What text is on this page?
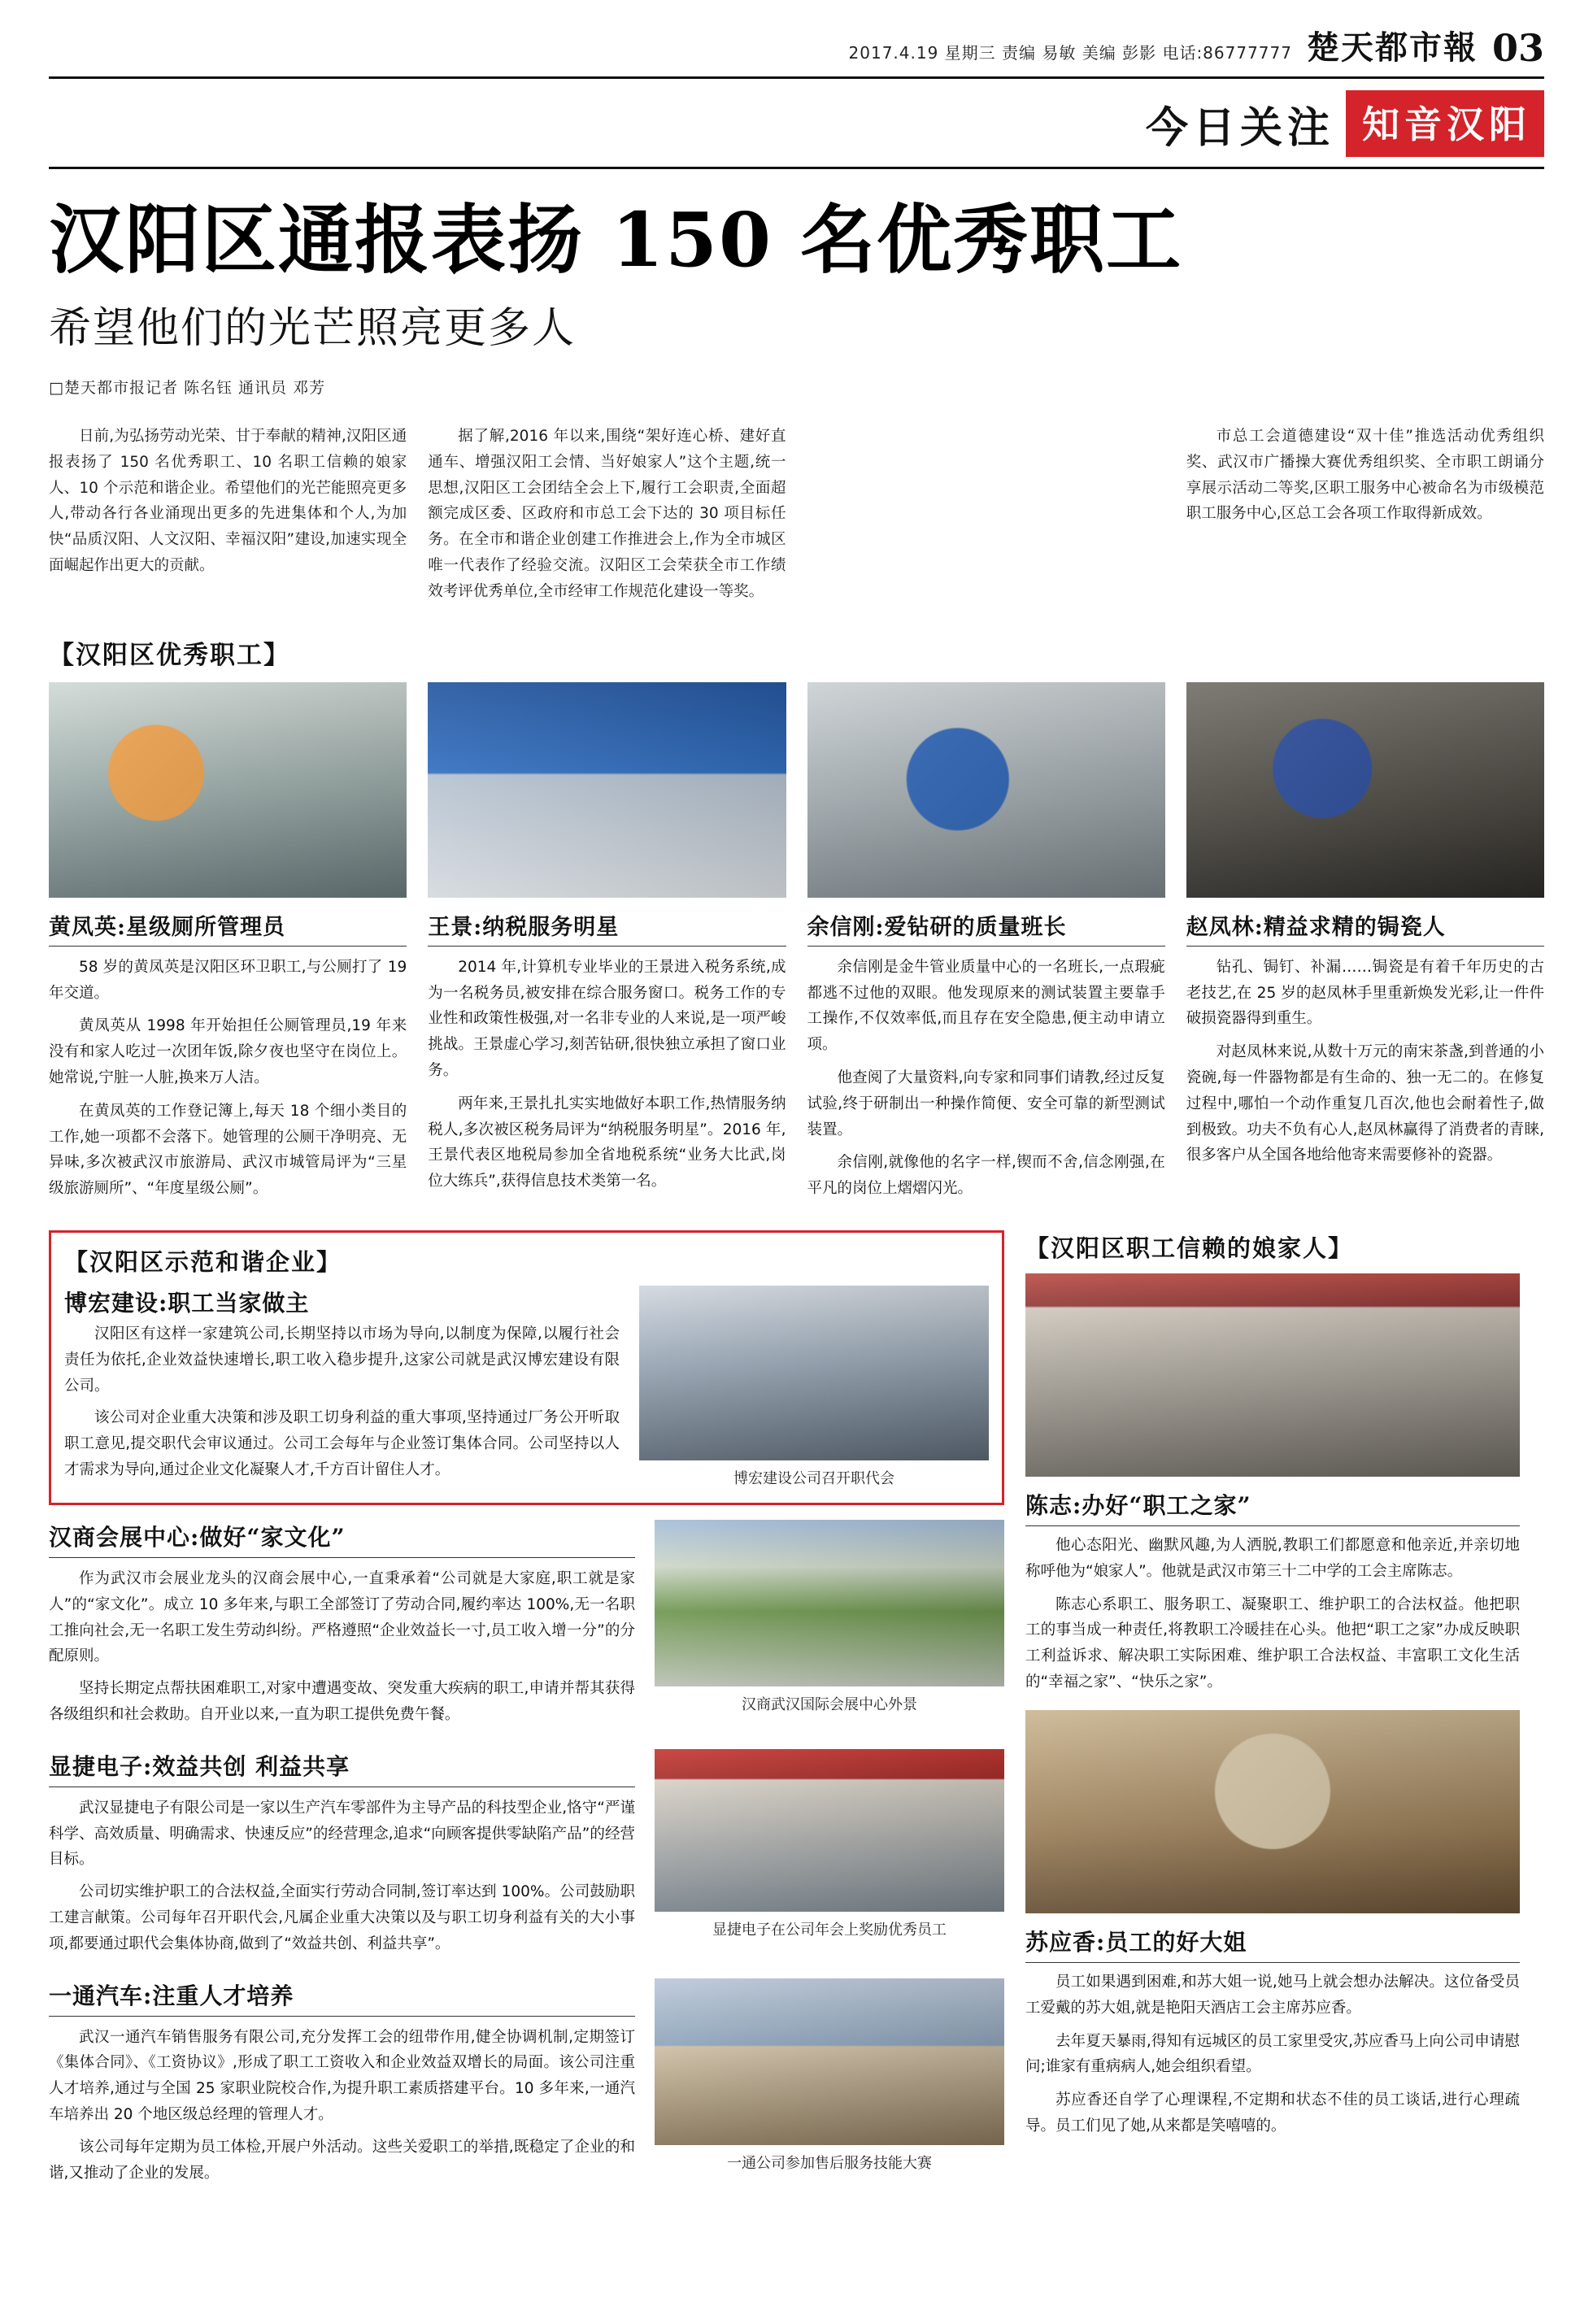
2017.4.19 星期三 责编 易敏 美编 彭影 电话:86777777 楚天都市報 03
今日关注 知音汉阳
汉阳区通报表扬 150 名优秀职工
希望他们的光芒照亮更多人
□楚天都市报记者 陈名钰 通讯员 邓芳

日前,为弘扬劳动光荣、甘于奉献的精神,汉阳区通报表扬了 150 名优秀职工、10 名职工信赖的娘家人、10 个示范和谐企业。希望他们的光芒能照亮更多人,带动各行各业涌现出更多的先进集体和个人,为加快“品质汉阳、人文汉阳、幸福汉阳”建设,加速实现全面崛起作出更大的贡献。

据了解,2016 年以来,围绕“架好连心桥、建好直通车、增强汉阳工会情、当好娘家人”这个主题,统一思想,汉阳区工会团结全会上下,履行工会职责,全面超额完成区委、区政府和市总工会下达的 30 项目标任务。在全市和谐企业创建工作推进会上,作为全市城区唯一代表作了经验交流。汉阳区工会荣获全市工作绩效考评优秀单位,全市经审工作规范化建设一等奖。

市总工会道德建设“双十佳”推选活动优秀组织奖、武汉市广播操大赛优秀组织奖、全市职工朗诵分享展示活动二等奖,区职工服务中心被命名为市级模范职工服务中心,区总工会各项工作取得新成效。

【汉阳区优秀职工】
黄凤英:星级厕所管理员

58 岁的黄凤英是汉阳区环卫职工,与公厕打了 19 年交道。

黄凤英从 1998 年开始担任公厕管理员,19 年来没有和家人吃过一次团年饭,除夕夜也坚守在岗位上。她常说,宁脏一人脏,换来万人洁。

在黄凤英的工作登记簿上,每天 18 个细小类目的工作,她一项都不会落下。她管理的公厕干净明亮、无异味,多次被武汉市旅游局、武汉市城管局评为“三星级旅游厕所”、“年度星级公厕”。

王景:纳税服务明星

2014 年,计算机专业毕业的王景进入税务系统,成为一名税务员,被安排在综合服务窗口。税务工作的专业性和政策性极强,对一名非专业的人来说,是一项严峻挑战。王景虚心学习,刻苦钻研,很快独立承担了窗口业务。

两年来,王景扎扎实实地做好本职工作,热情服务纳税人,多次被区税务局评为“纳税服务明星”。2016 年,王景代表区地税局参加全省地税系统“业务大比武,岗位大练兵”,获得信息技术类第一名。

余信刚:爱钻研的质量班长

余信刚是金牛管业质量中心的一名班长,一点瑕疵都逃不过他的双眼。他发现原来的测试装置主要靠手工操作,不仅效率低,而且存在安全隐患,便主动申请立项。

他查阅了大量资料,向专家和同事们请教,经过反复试验,终于研制出一种操作简便、安全可靠的新型测试装置。

余信刚,就像他的名字一样,锲而不舍,信念刚强,在平凡的岗位上熠熠闪光。

赵凤林:精益求精的锔瓷人

钻孔、锔钉、补漏……锔瓷是有着千年历史的古老技艺,在 25 岁的赵凤林手里重新焕发光彩,让一件件破损瓷器得到重生。

对赵凤林来说,从数十万元的南宋茶盏,到普通的小瓷碗,每一件器物都是有生命的、独一无二的。在修复过程中,哪怕一个动作重复几百次,他也会耐着性子,做到极致。功夫不负有心人,赵凤林赢得了消费者的青睐,很多客户从全国各地给他寄来需要修补的瓷器。

【汉阳区示范和谐企业】
博宏建设:职工当家做主

汉阳区有这样一家建筑公司,长期坚持以市场为导向,以制度为保障,以履行社会责任为依托,企业效益快速增长,职工收入稳步提升,这家公司就是武汉博宏建设有限公司。

该公司对企业重大决策和涉及职工切身利益的重大事项,坚持通过厂务公开听取职工意见,提交职代会审议通过。公司工会每年与企业签订集体合同。公司坚持以人才需求为导向,通过企业文化凝聚人才,千方百计留住人才。

博宏建设公司召开职代会
汉商会展中心:做好“家文化”

作为武汉市会展业龙头的汉商会展中心,一直秉承着“公司就是大家庭,职工就是家人”的“家文化”。成立 10 多年来,与职工全部签订了劳动合同,履约率达 100%,无一名职工推向社会,无一名职工发生劳动纠纷。严格遵照“企业效益长一寸,员工收入增一分”的分配原则。

坚持长期定点帮扶困难职工,对家中遭遇变故、突发重大疾病的职工,申请并帮其获得各级组织和社会救助。自开业以来,一直为职工提供免费午餐。

汉商武汉国际会展中心外景
显捷电子:效益共创 利益共享

武汉显捷电子有限公司是一家以生产汽车零部件为主导产品的科技型企业,恪守“严谨科学、高效质量、明确需求、快速反应”的经营理念,追求“向顾客提供零缺陷产品”的经营目标。

公司切实维护职工的合法权益,全面实行劳动合同制,签订率达到 100%。公司鼓励职工建言献策。公司每年召开职代会,凡属企业重大决策以及与职工切身利益有关的大小事项,都要通过职代会集体协商,做到了“效益共创、利益共享”。

显捷电子在公司年会上奖励优秀员工
一通汽车:注重人才培养

武汉一通汽车销售服务有限公司,充分发挥工会的纽带作用,健全协调机制,定期签订《集体合同》、《工资协议》,形成了职工工资收入和企业效益双增长的局面。该公司注重人才培养,通过与全国 25 家职业院校合作,为提升职工素质搭建平台。10 多年来,一通汽车培养出 20 个地区级总经理的管理人才。

该公司每年定期为员工体检,开展户外活动。这些关爱职工的举措,既稳定了企业的和谐,又推动了企业的发展。

一通公司参加售后服务技能大赛
【汉阳区职工信赖的娘家人】
陈志:办好“职工之家”

他心态阳光、幽默风趣,为人洒脱,教职工们都愿意和他亲近,并亲切地称呼他为“娘家人”。他就是武汉市第三十二中学的工会主席陈志。

陈志心系职工、服务职工、凝聚职工、维护职工的合法权益。他把职工的事当成一种责任,将教职工冷暖挂在心头。他把“职工之家”办成反映职工利益诉求、解决职工实际困难、维护职工合法权益、丰富职工文化生活的“幸福之家”、“快乐之家”。

苏应香:员工的好大姐

员工如果遇到困难,和苏大姐一说,她马上就会想办法解决。这位备受员工爱戴的苏大姐,就是艳阳天酒店工会主席苏应香。

去年夏天暴雨,得知有远城区的员工家里受灾,苏应香马上向公司申请慰问;谁家有重病病人,她会组织看望。

苏应香还自学了心理课程,不定期和状态不佳的员工谈话,进行心理疏导。员工们见了她,从来都是笑嘻嘻的。
